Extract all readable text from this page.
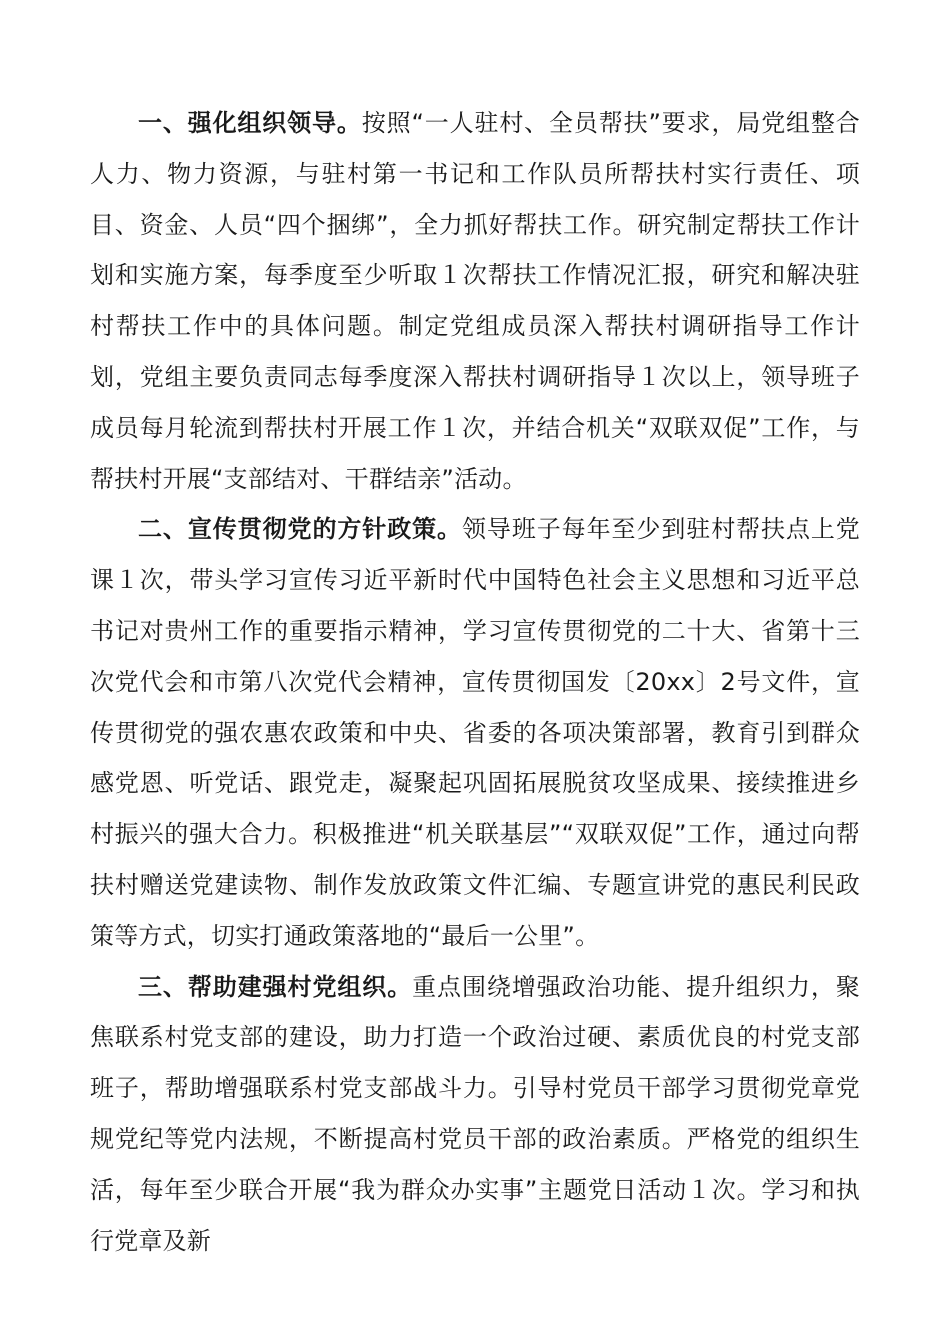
一、强化组织领导。按照“一人驻村、全员帮扶”要求，局党组整合人力、物力资源，与驻村第一书记和工作队员所帮扶村实行责任、项目、资金、人员“四个捆绑”，全力抓好帮扶工作。研究制定帮扶工作计划和实施方案，每季度至少听取１次帮扶工作情况汇报，研究和解决驻村帮扶工作中的具体问题。制定党组成员深入帮扶村调研指导工作计划，党组主要负责同志每季度深入帮扶村调研指导１次以上，领导班子成员每月轮流到帮扶村开展工作１次，并结合机关“双联双促”工作，与帮扶村开展“支部结对、干群结亲”活动。

二、宣传贯彻党的方针政策。领导班子每年至少到驻村帮扶点上党课１次，带头学习宣传习近平新时代中国特色社会主义思想和习近平总书记对贵州工作的重要指示精神，学习宣传贯彻党的二十大、省第十三次党代会和市第八次党代会精神，宣传贯彻国发〔20xx〕2号文件，宣传贯彻党的强农惠农政策和中央、省委的各项决策部署，教育引到群众感党恩、听党话、跟党走，凝聚起巩固拓展脱贫攻坚成果、接续推进乡村振兴的强大合力。积极推进“机关联基层”“双联双促”工作，通过向帮扶村赠送党建读物、制作发放政策文件汇编、专题宣讲党的惠民利民政策等方式，切实打通政策落地的“最后一公里”。

三、帮助建强村党组织。重点围绕增强政治功能、提升组织力，聚焦联系村党支部的建设，助力打造一个政治过硬、素质优良的村党支部班子，帮助增强联系村党支部战斗力。引导村党员干部学习贯彻党章党规党纪等党内法规，不断提高村党员干部的政治素质。严格党的组织生活，每年至少联合开展“我为群众办实事”主题党日活动１次。学习和执行党章及新
